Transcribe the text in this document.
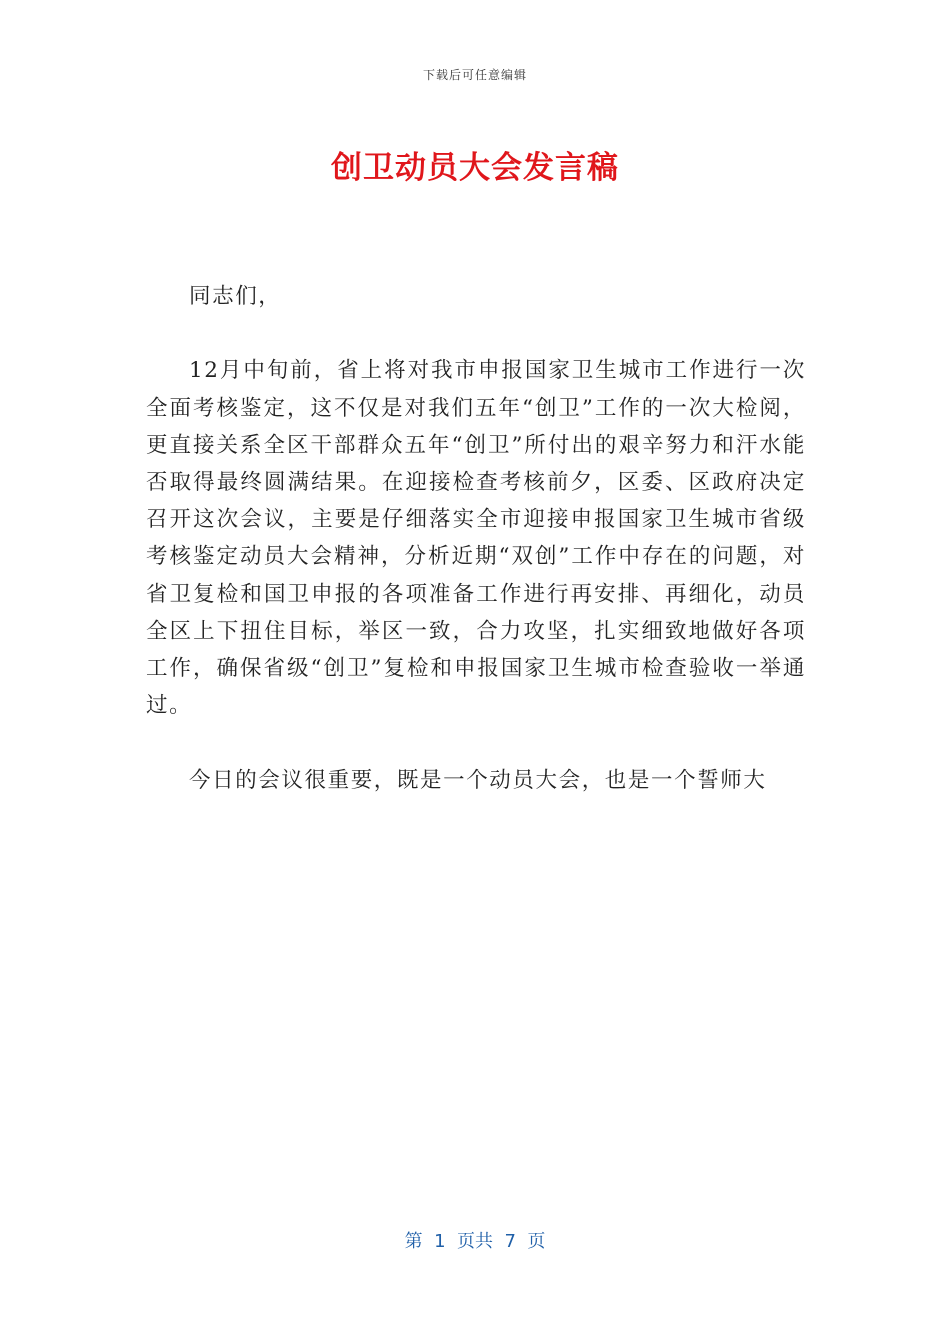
下载后可任意编辑
创卫动员大会发言稿

同志们，

12月中旬前，省上将对我市申报国家卫生城市工作进行一次全面考核鉴定，这不仅是对我们五年“创卫”工作的一次大检阅，更直接关系全区干部群众五年“创卫”所付出的艰辛努力和汗水能否取得最终圆满结果。在迎接检查考核前夕，区委、区政府决定召开这次会议，主要是仔细落实全市迎接申报国家卫生城市省级考核鉴定动员大会精神，分析近期“双创”工作中存在的问题，对省卫复检和国卫申报的各项准备工作进行再安排、再细化，动员全区上下扭住目标，举区一致，合力攻坚，扎实细致地做好各项工作，确保省级“创卫”复检和申报国家卫生城市检查验收一举通过。

今日的会议很重要，既是一个动员大会，也是一个誓师大

第  1  页共  7  页
